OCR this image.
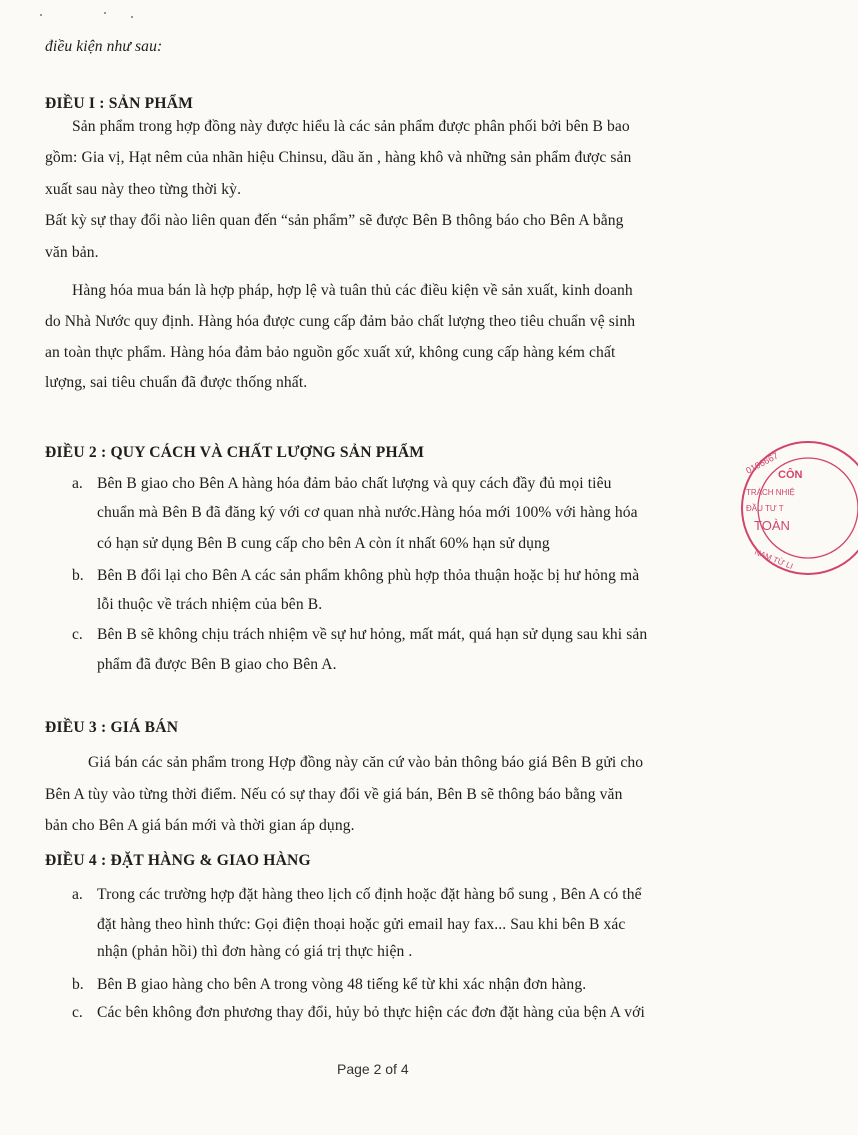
điều kiện như sau:
ĐIỀU I : SẢN PHẨM
Sản phẩm trong hợp đồng này được hiểu là các sản phẩm được phân phối bởi bên B bao
gồm: Gia vị, Hạt nêm của nhãn hiệu Chinsu, dầu ăn , hàng khô và những sản phẩm được sản
xuất sau này theo từng thời kỳ.
Bất kỳ sự thay đổi nào liên quan đến “sản phẩm” sẽ được Bên B thông báo cho Bên A bằng
văn bản.
Hàng hóa mua bán là hợp pháp, hợp lệ và tuân thủ các điều kiện về sản xuất, kinh doanh
do Nhà Nước quy định. Hàng hóa được cung cấp đảm bảo chất lượng theo tiêu chuẩn vệ sinh
an toàn thực phẩm. Hàng hóa đảm bảo nguồn gốc xuất xứ, không cung cấp hàng kém chất
lượng, sai tiêu chuẩn đã được thống nhất.
ĐIỀU 2 : QUY CÁCH VÀ CHẤT LƯỢNG SẢN PHẨM
a. Bên B giao cho Bên A hàng hóa đảm bảo chất lượng và quy cách đầy đủ mọi tiêu
chuẩn mà Bên B đã đăng ký với cơ quan nhà nước.Hàng hóa mới 100% với hàng hóa
có hạn sử dụng Bên B cung cấp cho bên A còn ít nhất 60% hạn sử dụng
b. Bên B đổi lại cho Bên A các sản phẩm không phù hợp thỏa thuận hoặc bị hư hỏng mà
lỗi thuộc về trách nhiệm của bên B.
c. Bên B sẽ không chịu trách nhiệm về sự hư hỏng, mất mát, quá hạn sử dụng sau khi sản
phẩm đã được Bên B giao cho Bên A.
ĐIỀU 3 : GIÁ BÁN
Giá bán các sản phẩm trong Hợp đồng này căn cứ vào bản thông báo giá Bên B gửi cho
Bên A tùy vào từng thời điểm. Nếu có sự thay đổi về giá bán, Bên B sẽ thông báo bằng văn
bản cho Bên A giá bán mới và thời gian áp dụng.
ĐIỀU 4 : ĐẶT HÀNG & GIAO HÀNG
a. Trong các trường hợp đặt hàng theo lịch cố định hoặc đặt hàng bổ sung , Bên A có thể
đặt hàng theo hình thức: Gọi điện thoại hoặc gửi email hay fax... Sau khi bên B xác
nhận (phản hồi) thì đơn hàng có giá trị thực hiện .
b. Bên B giao hàng cho bên A trong vòng 48 tiếng kể từ khi xác nhận đơn hàng.
c. Các bên không đơn phương thay đổi, hủy bỏ thực hiện các đơn đặt hàng của bện A với
Page 2 of 4
0106667
CÔN
TRÁCH NHIỆ
ĐẦU TƯ T
TOÀN
NAM TỪ LI
